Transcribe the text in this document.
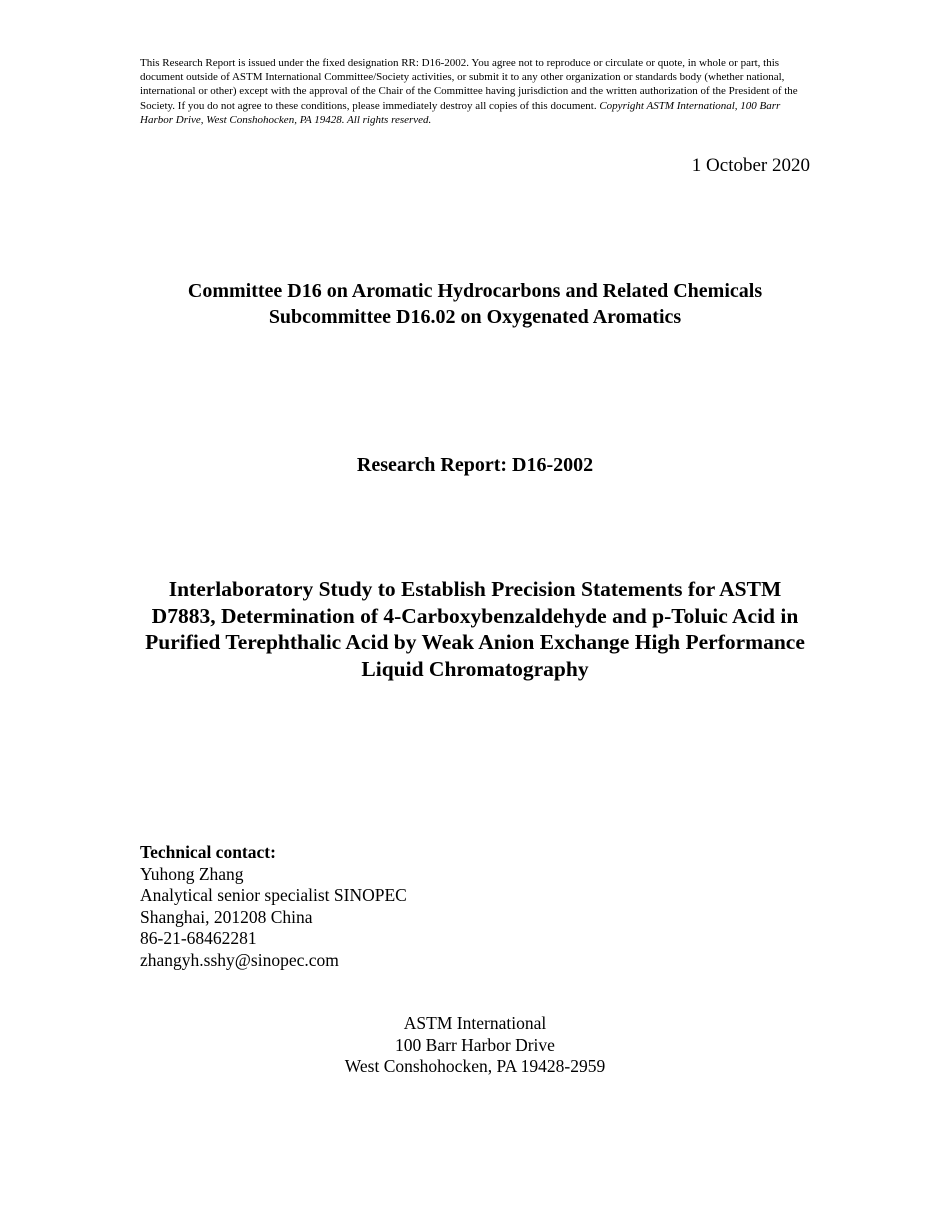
This Research Report is issued under the fixed designation RR: D16-2002. You agree not to reproduce or circulate or quote, in whole or part, this document outside of ASTM International Committee/Society activities, or submit it to any other organization or standards body (whether national, international or other) except with the approval of the Chair of the Committee having jurisdiction and the written authorization of the President of the Society. If you do not agree to these conditions, please immediately destroy all copies of this document. Copyright ASTM International, 100 Barr Harbor Drive, West Conshohocken, PA 19428. All rights reserved.
1 October 2020
Committee D16 on Aromatic Hydrocarbons and Related Chemicals
Subcommittee D16.02 on Oxygenated Aromatics
Research Report: D16-2002
Interlaboratory Study to Establish Precision Statements for ASTM D7883, Determination of 4-Carboxybenzaldehyde and p-Toluic Acid in Purified Terephthalic Acid by Weak Anion Exchange High Performance Liquid Chromatography
Technical contact:
Yuhong Zhang
Analytical senior specialist SINOPEC
Shanghai, 201208 China
86-21-68462281
zhangyh.sshy@sinopec.com
ASTM International
100 Barr Harbor Drive
West Conshohocken, PA 19428-2959
